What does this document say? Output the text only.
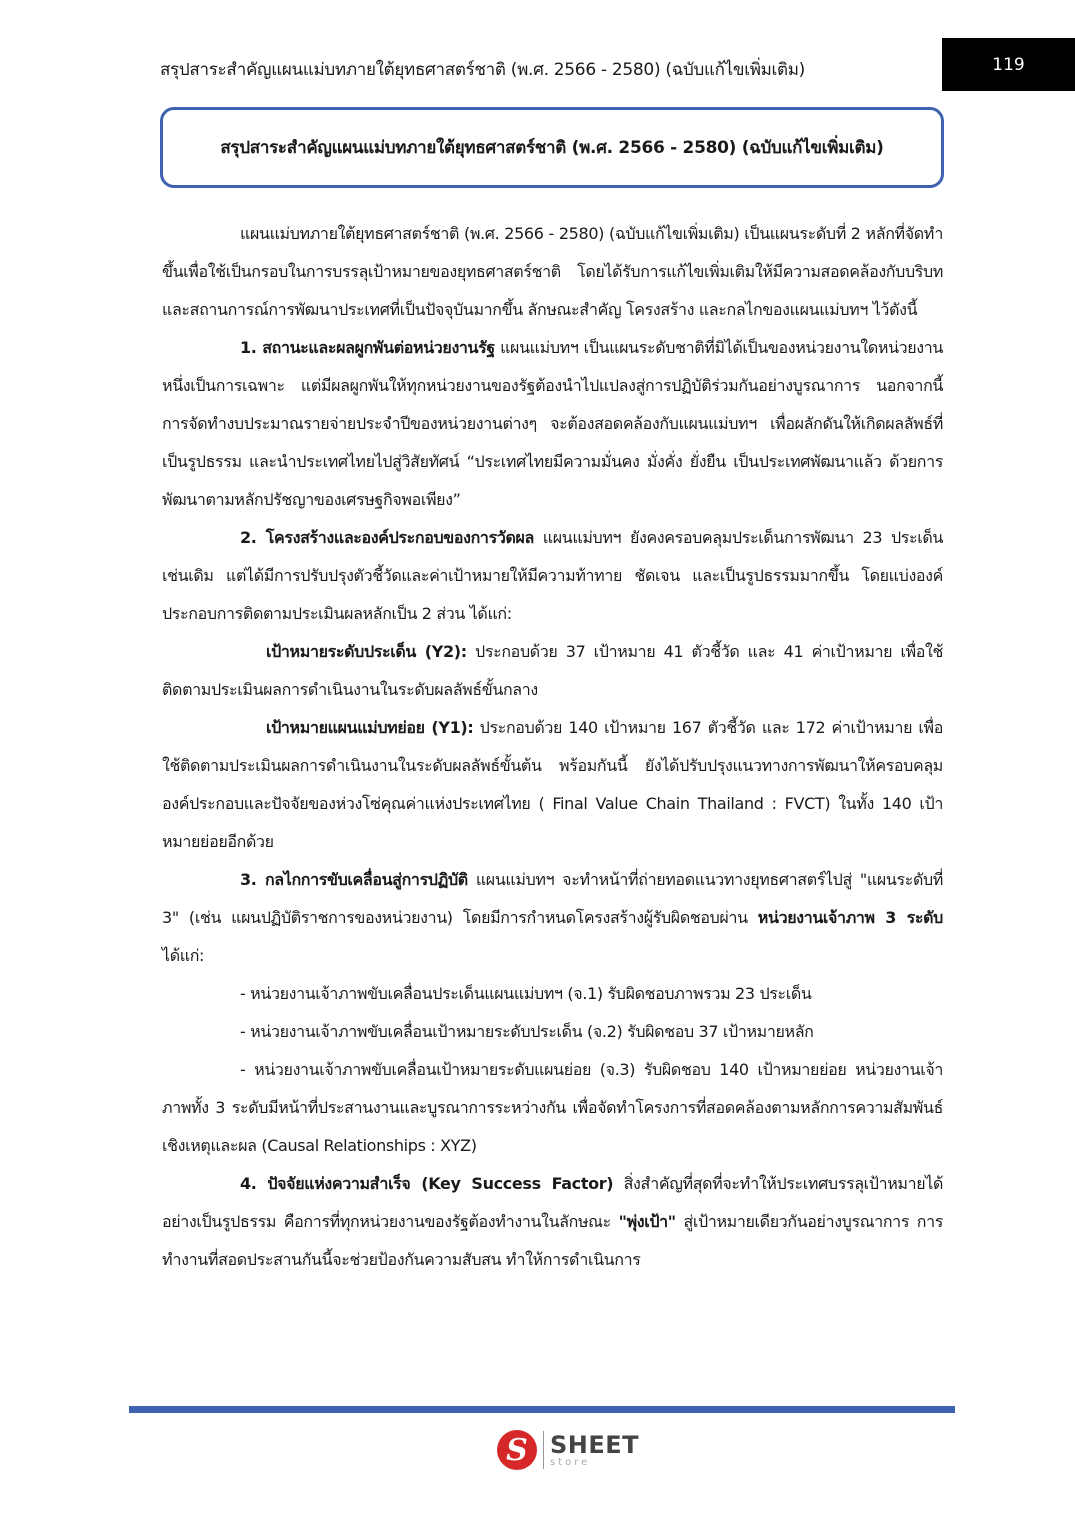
สรุปสาระสำคัญแผนแม่บทภายใต้ยุทธศาสตร์ชาติ (พ.ศ. 2566 - 2580) (ฉบับแก้ไขเพิ่มเติม)	119
สรุปสาระสำคัญแผนแม่บทภายใต้ยุทธศาสตร์ชาติ (พ.ศ. 2566 - 2580) (ฉบับแก้ไขเพิ่มเติม)

แผนแม่บทภายใต้ยุทธศาสตร์ชาติ (พ.ศ. 2566 - 2580) (ฉบับแก้ไขเพิ่มเติม) เป็นแผนระดับที่ 2 หลักที่จัดทำขึ้นเพื่อใช้เป็นกรอบในการบรรลุเป้าหมายของยุทธศาสตร์ชาติ โดยได้รับการแก้ไขเพิ่มเติมให้มีความสอดคล้องกับบริบทและสถานการณ์การพัฒนาประเทศที่เป็นปัจจุบันมากขึ้น ลักษณะสำคัญ โครงสร้าง และกลไกของแผนแม่บทฯ ไว้ดังนี้

1. สถานะและผลผูกพันต่อหน่วยงานรัฐ แผนแม่บทฯ เป็นแผนระดับชาติที่มิได้เป็นของหน่วยงานใดหน่วยงานหนึ่งเป็นการเฉพาะ แต่มีผลผูกพันให้ทุกหน่วยงานของรัฐต้องนำไปแปลงสู่การปฏิบัติร่วมกันอย่างบูรณาการ นอกจากนี้ การจัดทำงบประมาณรายจ่ายประจำปีของหน่วยงานต่างๆ จะต้องสอดคล้องกับแผนแม่บทฯ เพื่อผลักดันให้เกิดผลลัพธ์ที่เป็นรูปธรรม และนำประเทศไทยไปสู่วิสัยทัศน์ “ประเทศไทยมีความมั่นคง มั่งคั่ง ยั่งยืน เป็นประเทศพัฒนาแล้ว ด้วยการพัฒนาตามหลักปรัชญาของเศรษฐกิจพอเพียง”

2. โครงสร้างและองค์ประกอบของการวัดผล แผนแม่บทฯ ยังคงครอบคลุมประเด็นการพัฒนา 23 ประเด็นเช่นเดิม แต่ได้มีการปรับปรุงตัวชี้วัดและค่าเป้าหมายให้มีความท้าทาย ชัดเจน และเป็นรูปธรรมมากขึ้น โดยแบ่งองค์ประกอบการติดตามประเมินผลหลักเป็น 2 ส่วน ได้แก่:

เป้าหมายระดับประเด็น (Y2): ประกอบด้วย 37 เป้าหมาย 41 ตัวชี้วัด และ 41 ค่าเป้าหมาย เพื่อใช้ติดตามประเมินผลการดำเนินงานในระดับผลลัพธ์ขั้นกลาง

เป้าหมายแผนแม่บทย่อย (Y1): ประกอบด้วย 140 เป้าหมาย 167 ตัวชี้วัด และ 172 ค่าเป้าหมาย เพื่อใช้ติดตามประเมินผลการดำเนินงานในระดับผลลัพธ์ขั้นต้น พร้อมกันนี้ ยังได้ปรับปรุงแนวทางการพัฒนาให้ครอบคลุมองค์ประกอบและปัจจัยของห่วงโซ่คุณค่าแห่งประเทศไทย ( Final Value Chain Thailand : FVCT) ในทั้ง 140 เป้าหมายย่อยอีกด้วย

3. กลไกการขับเคลื่อนสู่การปฏิบัติ แผนแม่บทฯ จะทำหน้าที่ถ่ายทอดแนวทางยุทธศาสตร์ไปสู่ "แผนระดับที่ 3" (เช่น แผนปฏิบัติราชการของหน่วยงาน) โดยมีการกำหนดโครงสร้างผู้รับผิดชอบผ่าน หน่วยงานเจ้าภาพ 3 ระดับ ได้แก่:

- หน่วยงานเจ้าภาพขับเคลื่อนประเด็นแผนแม่บทฯ (จ.1) รับผิดชอบภาพรวม 23 ประเด็น

- หน่วยงานเจ้าภาพขับเคลื่อนเป้าหมายระดับประเด็น (จ.2) รับผิดชอบ 37 เป้าหมายหลัก

- หน่วยงานเจ้าภาพขับเคลื่อนเป้าหมายระดับแผนย่อย (จ.3) รับผิดชอบ 140 เป้าหมายย่อย หน่วยงานเจ้าภาพทั้ง 3 ระดับมีหน้าที่ประสานงานและบูรณาการระหว่างกัน เพื่อจัดทำโครงการที่สอดคล้องตามหลักการความสัมพันธ์เชิงเหตุและผล (Causal Relationships : XYZ)

4. ปัจจัยแห่งความสำเร็จ (Key Success Factor) สิ่งสำคัญที่สุดที่จะทำให้ประเทศบรรลุเป้าหมายได้อย่างเป็นรูปธรรม คือการที่ทุกหน่วยงานของรัฐต้องทำงานในลักษณะ "พุ่งเป้า" สู่เป้าหมายเดียวกันอย่างบูรณาการ การทำงานที่สอดประสานกันนี้จะช่วยป้องกันความสับสน ทำให้การดำเนินการ

S SHEET
store
